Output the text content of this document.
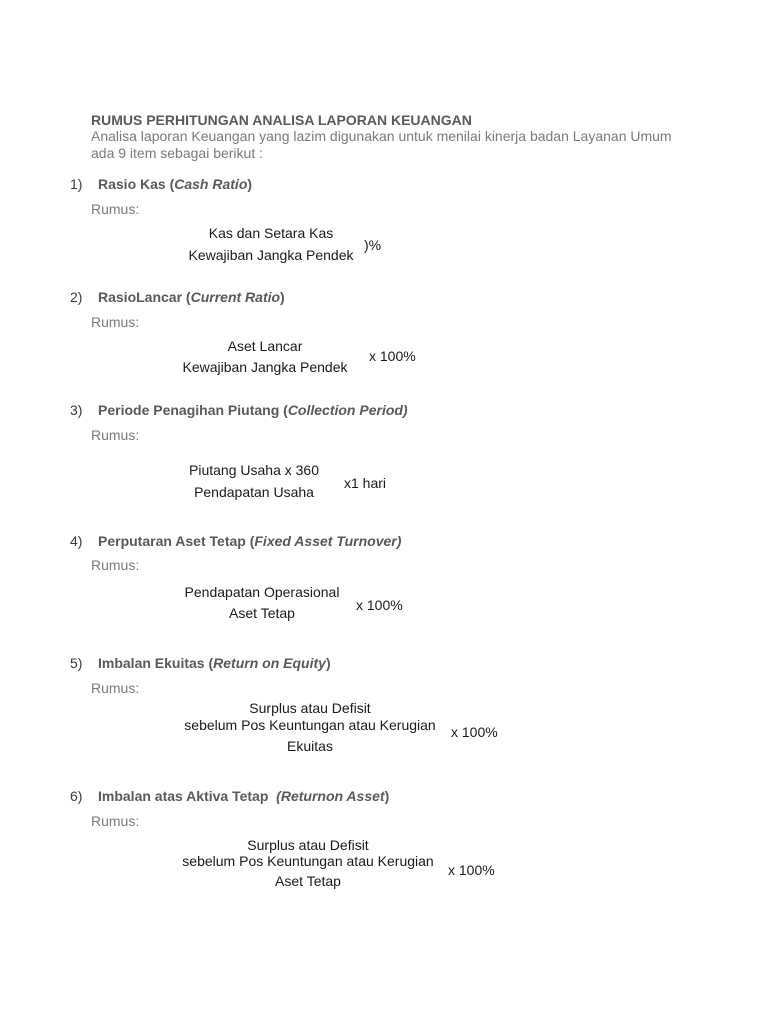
RUMUS PERHITUNGAN ANALISA LAPORAN KEUANGAN
Analisa laporan Keuangan yang lazim digunakan untuk menilai kinerja badan Layanan Umum
ada 9 item sebagai berikut :
1) Rasio Kas (Cash Ratio)
Rumus:
Kas dan Setara Kas
Kewajiban Jangka Pendek
)%
2) RasioLancar (Current Ratio)
Rumus:
Aset Lancar
Kewajiban Jangka Pendek
x 100%
3) Periode Penagihan Piutang (Collection Period)
Rumus:
Piutang Usaha x 360
Pendapatan Usaha
x1 hari
4) Perputaran Aset Tetap (Fixed Asset Turnover)
Rumus:
Pendapatan Operasional
Aset Tetap	x 100%
5) Imbalan Ekuitas (Return on Equity)
Rumus:
Surplus atau Defisit
sebelum Pos Keuntungan atau Kerugian
Ekuitas
x 100%
6) Imbalan atas Aktiva Tetap  (Returnon Asset)
Rumus:
Surplus atau Defisit
sebelum Pos Keuntungan atau Kerugian
Aset Tetap
x 100%
